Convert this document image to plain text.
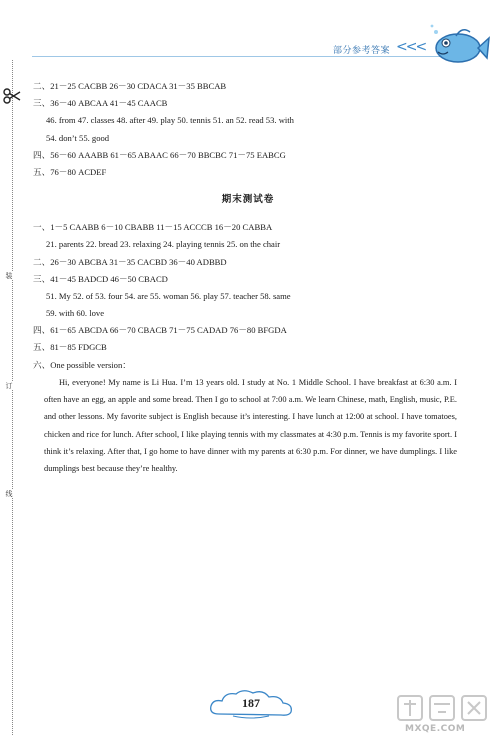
部分参考答案 <<<
装
订
线
二、21－25 CACBB 26－30 CDACA 31－35 BBCAB
三、36－40 ABCAA 41－45 CAACB
46. from 47. classes 48. after 49. play 50. tennis 51. an 52. read 53. with
54. don’t 55. good
四、56－60 AAABB 61－65 ABAAC 66－70 BBCBC 71－75 EABCG
五、76－80 ACDEF
期末测试卷
一、1－5 CAABB 6－10 CBABB 11－15 ACCCB 16－20 CABBA
21. parents 22. bread 23. relaxing 24. playing tennis 25. on the chair
二、26－30 ABCBA 31－35 CACBD 36－40 ADBBD
三、41－45 BADCD 46－50 CBACD
51. My 52. of 53. four 54. are 55. woman 56. play 57. teacher 58. same
59. with 60. love
四、61－65 ABCDA 66－70 CBACB 71－75 CADAD 76－80 BFGDA
五、81－85 FDGCB
六、One possible version：
Hi, everyone! My name is Li Hua. I’m 13 years old. I study at No. 1 Middle School. I have breakfast at 6:30 a.m. I often have an egg, an apple and some bread. Then I go to school at 7:00 a.m. We learn Chinese, math, English, music, P.E. and other lessons. My favorite subject is English because it’s interesting. I have lunch at 12:00 at school. I have tomatoes, chicken and rice for lunch. After school, I like playing tennis with my classmates at 4:30 p.m. Tennis is my favorite sport. I think it’s relaxing. After that, I go home to have dinner with my parents at 6:30 p.m. For dinner, we have dumplings. I like dumplings best because they’re healthy.
187
MXQE.COM
